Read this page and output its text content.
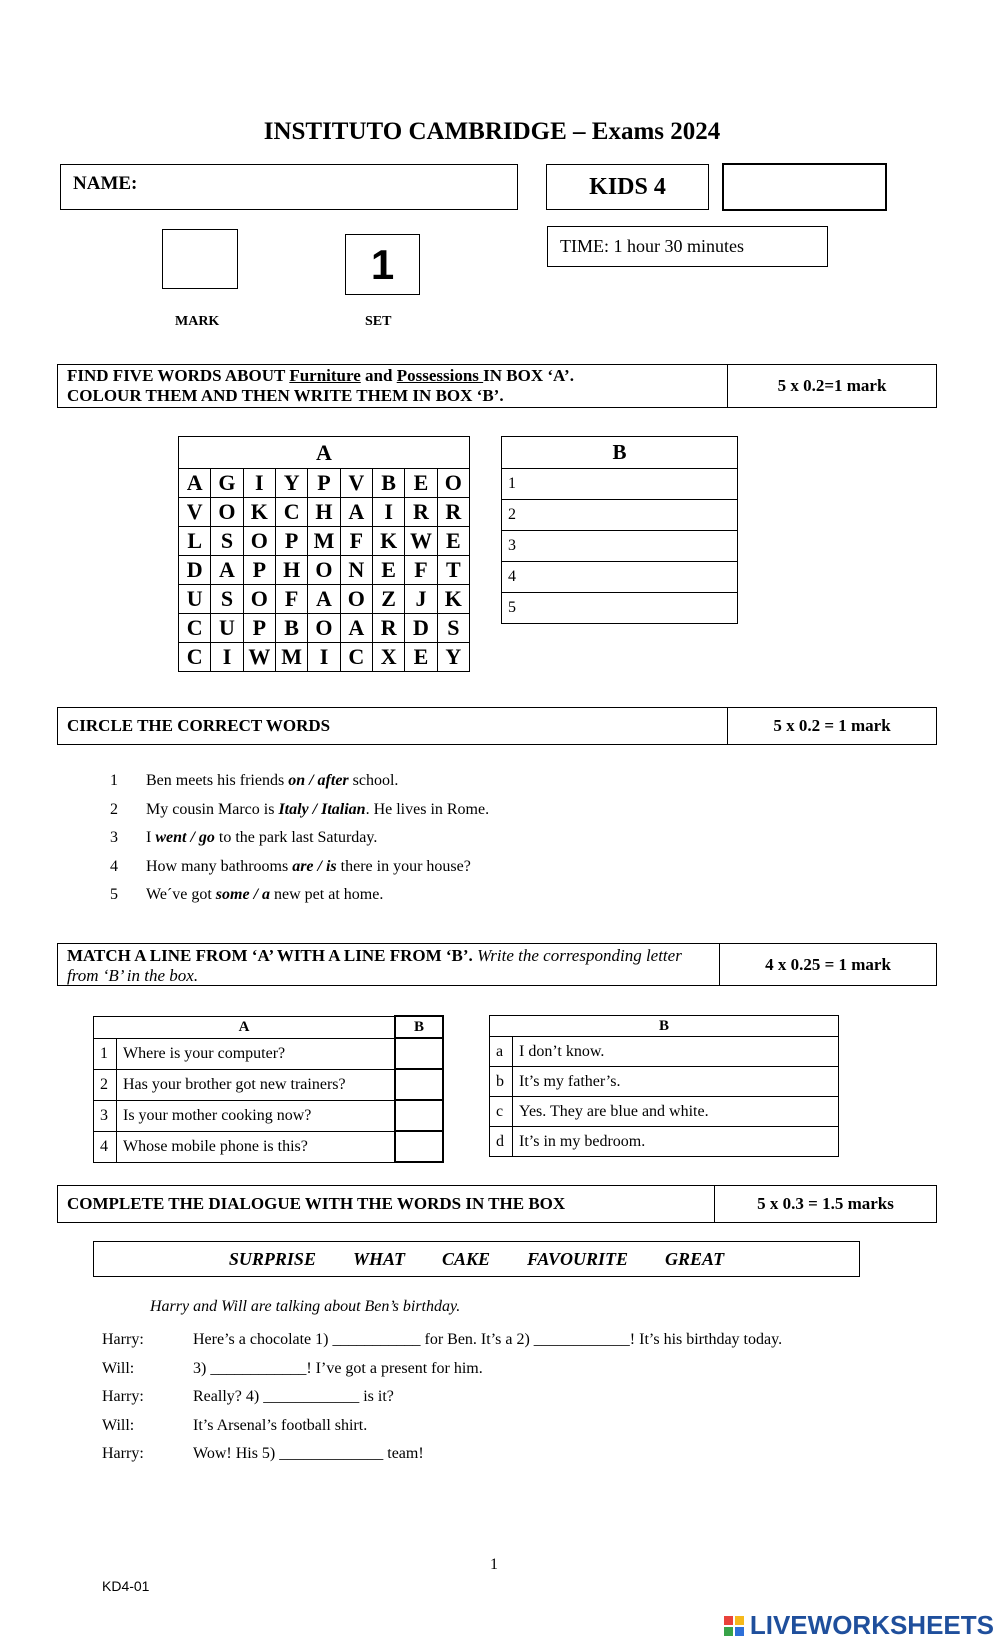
INSTITUTO CAMBRIDGE – Exams 2024
NAME:	KIDS 4
1	TIME: 1 hour 30 minutes
MARK	SET
FIND FIVE WORDS ABOUT Furniture and Possessions IN BOX ‘A’.
COLOUR THEM AND THEN WRITE THEM IN BOX ‘B’.
5 x 0.2=1 mark
A								
A	G	I	Y	P	V	B	E	O
V	O	K	C	H	A	I	R	R
L	S	O	P	M	F	K	W	E
D	A	P	H	O	N	E	F	T
U	S	O	F	A	O	Z	J	K
C	U	P	B	O	A	R	D	S
C	I	W	M	I	C	X	E	Y
B
1
2
3
4
5
CIRCLE THE CORRECT WORDS	5 x 0.2 = 1 mark
1	Ben meets his friends on / after school.
2	My cousin Marco is Italy / Italian. He lives in Rome.
3	I went / go to the park last Saturday.
4	How many bathrooms are / is there in your house?
5	We´ve got some / a new pet at home.
MATCH A LINE FROM ‘A’ WITH A LINE FROM ‘B’. Write the corresponding letter from ‘B’ in the box.
4 x 0.25 = 1 mark
A		B
1	Where is your computer?	
2	Has your brother got new trainers?	
3	Is your mother cooking now?	
4	Whose mobile phone is this?	
B	
a	I don’t know.
b	It’s my father’s.
c	Yes. They are blue and white.
d	It’s in my bedroom.
COMPLETE THE DIALOGUE WITH THE WORDS IN THE BOX	5 x 0.3 = 1.5 marks
SURPRISE WHAT CAKE FAVOURITE GREAT
Harry and Will are talking about Ben’s birthday.
Harry:	Here’s a chocolate 1) ___________ for Ben. It’s a 2) ____________! It’s his birthday today.
Will:	3) ____________! I’ve got a present for him.
Harry:	Really? 4) ____________ is it?
Will:	It’s Arsenal’s football shirt.
Harry:	Wow! His 5) _____________ team!
1
KD4-01
LIVEWORKSHEETS
